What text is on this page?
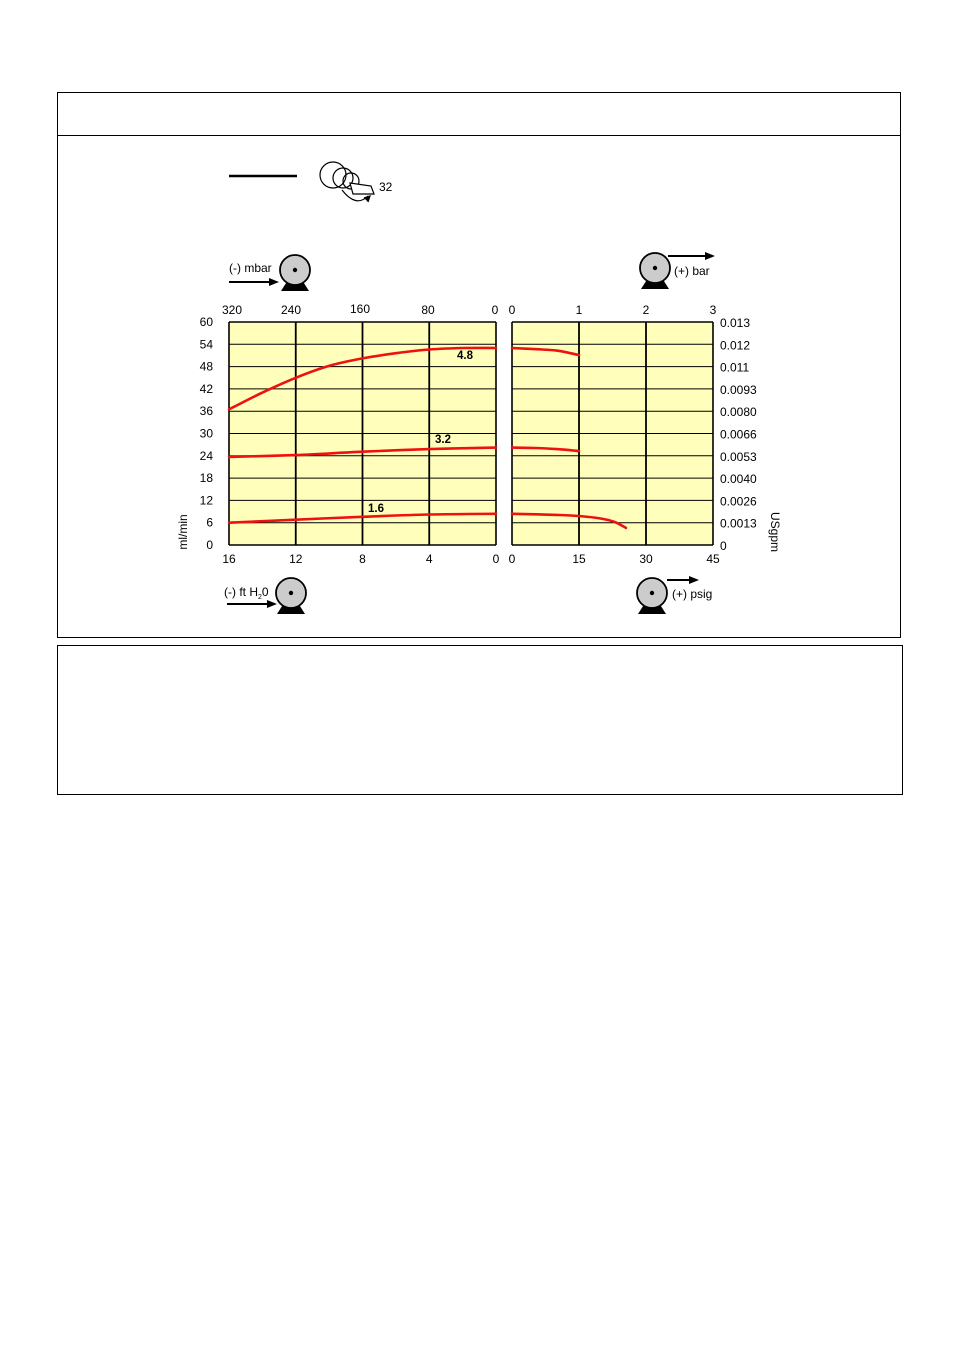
32
(-) mbar	(+) bar
(-) ft $H_20$	(+) psig
ml/min	USgpm
0
6
12
18
24
30
36
42
48
54
60
0
0.0013
0.0026
0.0040
0.0053
0.0066
0.0080
0.0093
0.011
0.012
0.013
320	240	160	80	0
16	12	8	4	0
0	1	2	3
0	15	30	45
4.8
3.2
1.6
